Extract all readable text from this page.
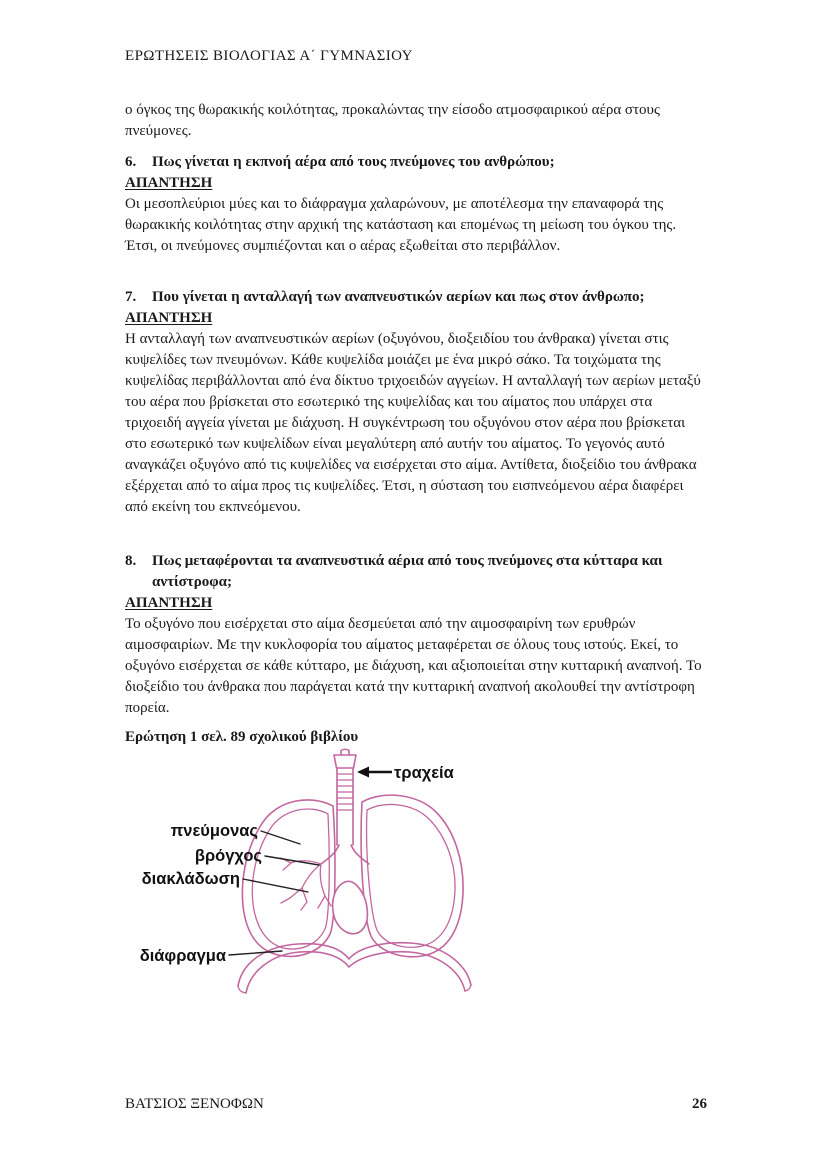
ΕΡΩΤΗΣΕΙΣ ΒΙΟΛΟΓΙΑΣ Α΄ ΓΥΜΝΑΣΙΟΥ

ο όγκος της θωρακικής κοιλότητας, προκαλώντας την είσοδο ατμοσφαιρικού αέρα στους πνεύμονες.

6. Πως γίνεται η εκπνοή αέρα από τους πνεύμονες του ανθρώπου;

ΑΠΑΝΤΗΣΗ

Οι μεσοπλεύριοι μύες και το διάφραγμα χαλαρώνουν, με αποτέλεσμα την επαναφορά της θωρακικής κοιλότητας στην αρχική της κατάσταση και επομένως τη μείωση του όγκου της. Έτσι, οι πνεύμονες συμπιέζονται και ο αέρας εξωθείται στο περιβάλλον.

7. Που γίνεται η ανταλλαγή των αναπνευστικών αερίων και πως στον άνθρωπο;

ΑΠΑΝΤΗΣΗ

Η ανταλλαγή των αναπνευστικών αερίων (οξυγόνου, διοξειδίου του άνθρακα) γίνεται στις κυψελίδες των πνευμόνων. Κάθε κυψελίδα μοιάζει με ένα μικρό σάκο. Τα τοιχώματα της κυψελίδας περιβάλλονται από ένα δίκτυο τριχοειδών αγγείων. Η ανταλλαγή των αερίων μεταξύ του αέρα που βρίσκεται στο εσωτερικό της κυψελίδας και του αίματος που υπάρχει στα τριχοειδή αγγεία γίνεται με διάχυση. Η συγκέντρωση του οξυγόνου στον αέρα που βρίσκεται στο εσωτερικό των κυψελίδων είναι μεγαλύτερη από αυτήν του αίματος. Το γεγονός αυτό αναγκάζει οξυγόνο από τις κυψελίδες να εισέρχεται στο αίμα. Αντίθετα, διοξείδιο του άνθρακα εξέρχεται από το αίμα προς τις κυψελίδες. Έτσι, η σύσταση του εισπνεόμενου αέρα διαφέρει από εκείνη του εκπνεόμενου.

8. Πως μεταφέρονται τα αναπνευστικά αέρια από τους πνεύμονες στα κύτταρα και αντίστροφα;

ΑΠΑΝΤΗΣΗ

Το οξυγόνο που εισέρχεται στο αίμα δεσμεύεται από την αιμοσφαιρίνη των ερυθρών αιμοσφαιρίων. Με την κυκλοφορία του αίματος μεταφέρεται σε όλους τους ιστούς. Εκεί, το οξυγόνο εισέρχεται σε κάθε κύτταρο, με διάχυση, και αξιοποιείται στην κυτταρική αναπνοή. Το διοξείδιο του άνθρακα που παράγεται κατά την κυτταρική αναπνοή ακολουθεί την αντίστροφη πορεία.

Ερώτηση 1 σελ. 89 σχολικού βιβλίου

τραχεία
πνεύμονας
βρόγχος
διακλάδωση
διάφραγμα
ΒΑΤΣΙΟΣ ΞΕΝΟΦΩΝ	26
